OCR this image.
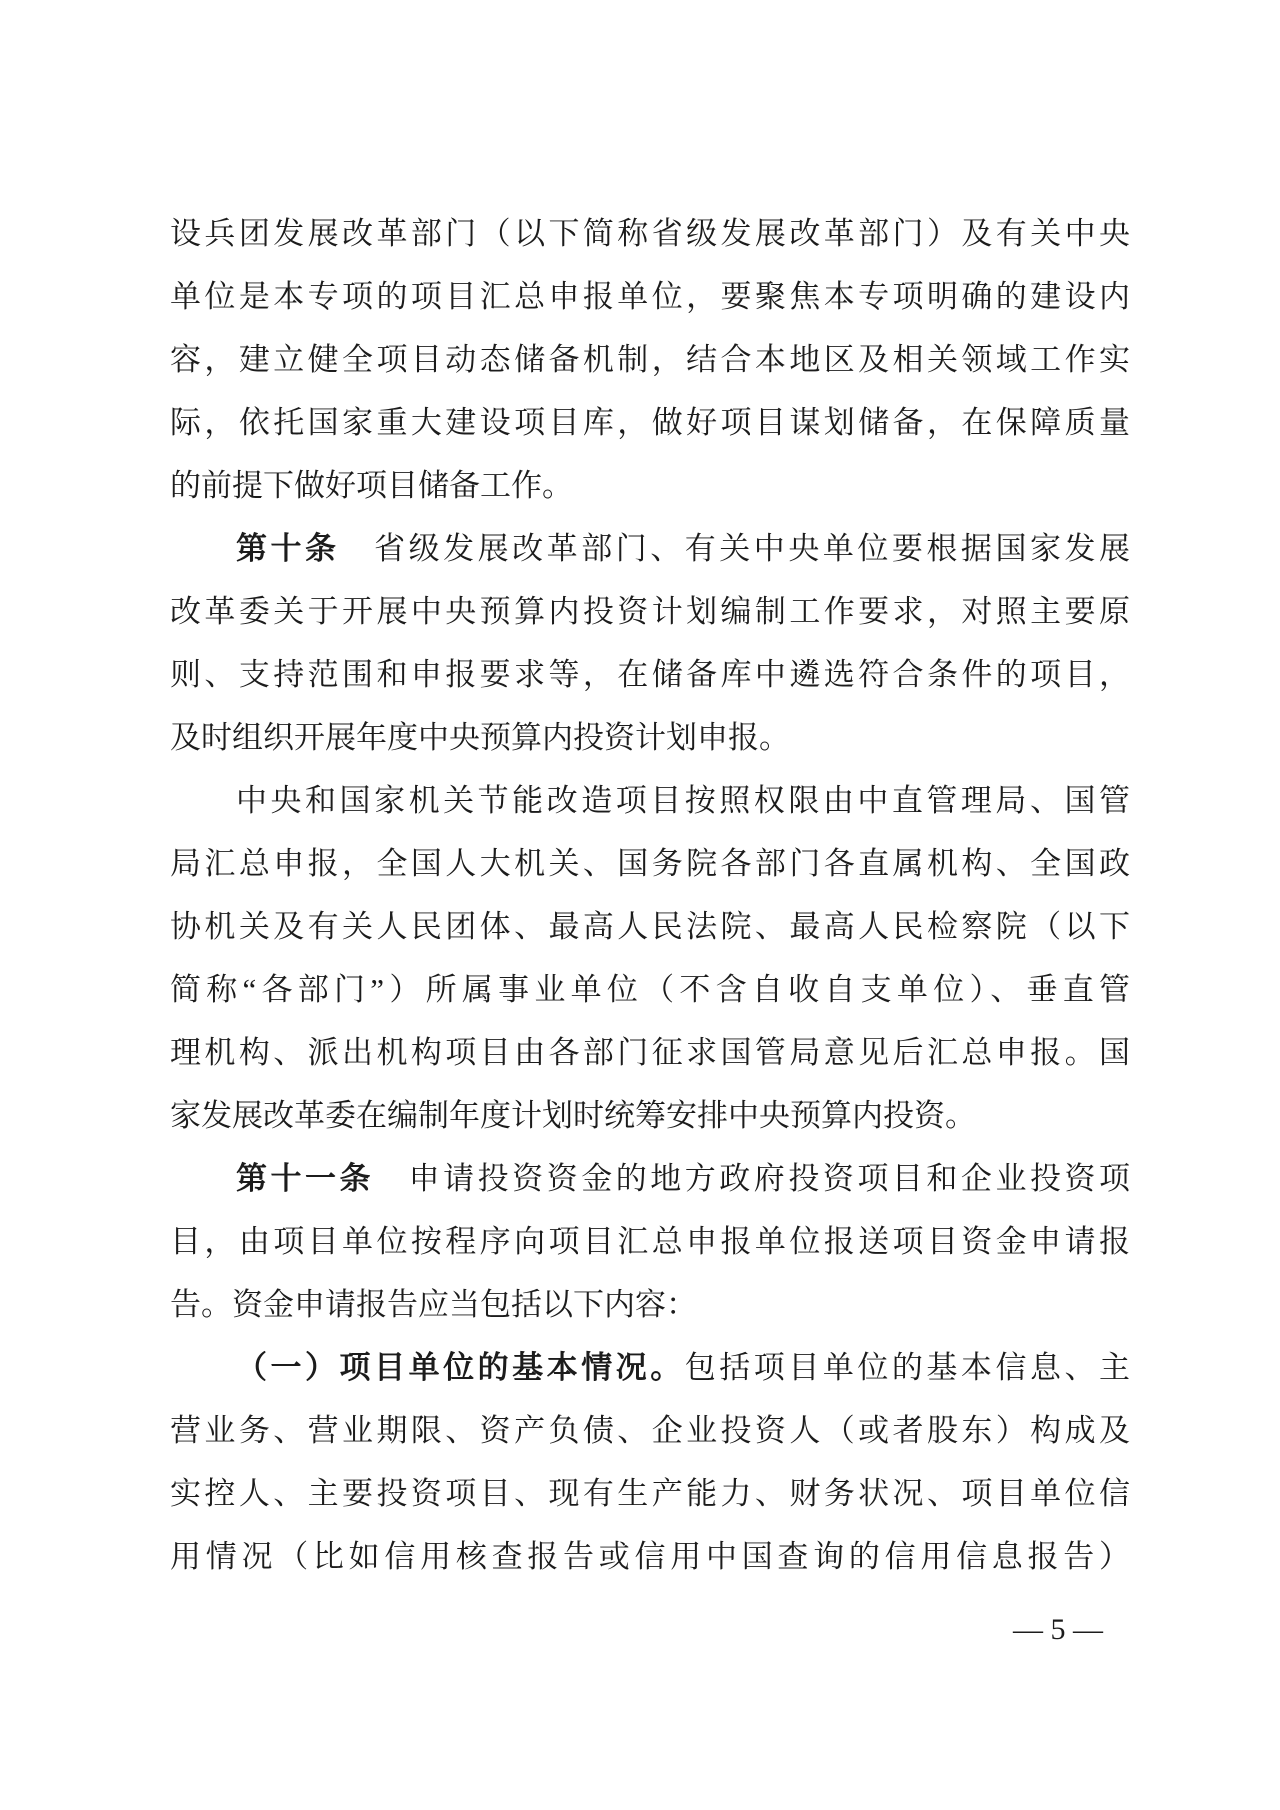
设兵团发展改革部门（以下简称省级发展改革部门）及有关中央
单位是本专项的项目汇总申报单位，要聚焦本专项明确的建设内
容，建立健全项目动态储备机制，结合本地区及相关领域工作实
际，依托国家重大建设项目库，做好项目谋划储备，在保障质量
的前提下做好项目储备工作。
第十条　省级发展改革部门、有关中央单位要根据国家发展
改革委关于开展中央预算内投资计划编制工作要求，对照主要原
则、支持范围和申报要求等，在储备库中遴选符合条件的项目，
及时组织开展年度中央预算内投资计划申报。
中央和国家机关节能改造项目按照权限由中直管理局、国管
局汇总申报，全国人大机关、国务院各部门各直属机构、全国政
协机关及有关人民团体、最高人民法院、最高人民检察院（以下
简称“各部门”）所属事业单位（不含自收自支单位）、垂直管
理机构、派出机构项目由各部门征求国管局意见后汇总申报。国
家发展改革委在编制年度计划时统筹安排中央预算内投资。
第十一条　申请投资资金的地方政府投资项目和企业投资项
目，由项目单位按程序向项目汇总申报单位报送项目资金申请报
告。资金申请报告应当包括以下内容：
（一）项目单位的基本情况。包括项目单位的基本信息、主
营业务、营业期限、资产负债、企业投资人（或者股东）构成及
实控人、主要投资项目、现有生产能力、财务状况、项目单位信
用情况（比如信用核查报告或信用中国查询的信用信息报告）
— 5 —
